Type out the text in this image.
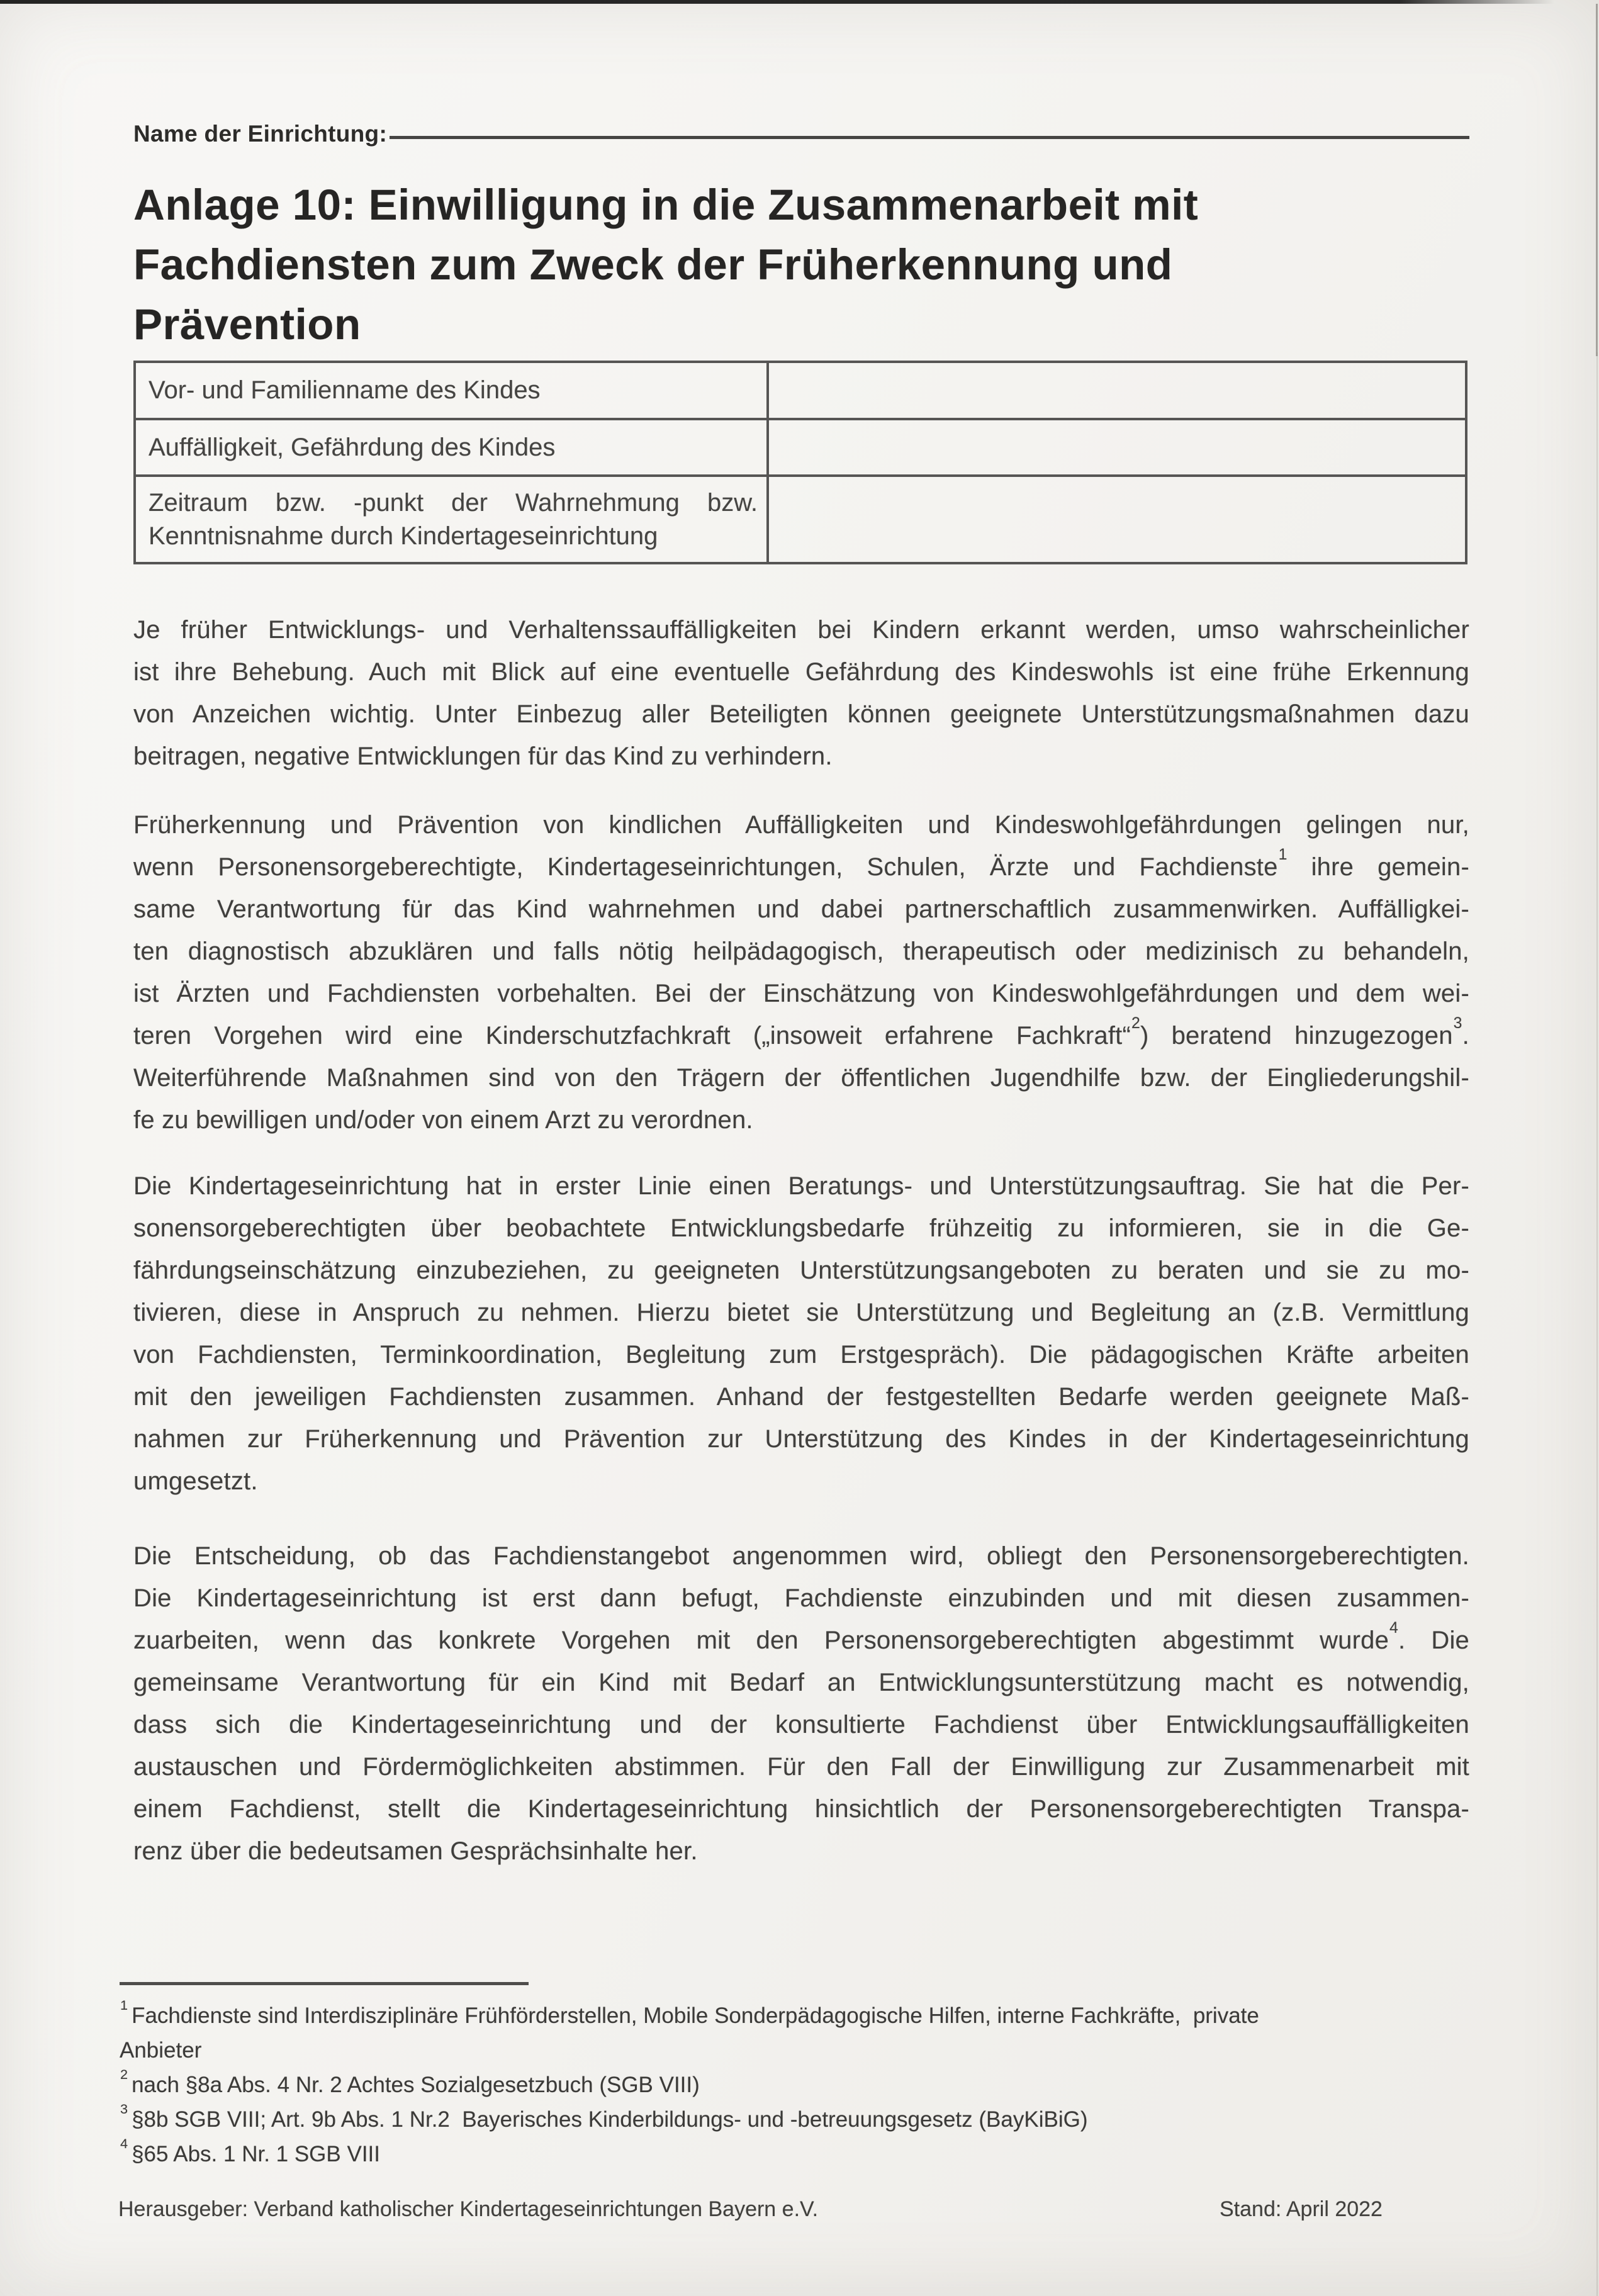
Name der Einrichtung:
Anlage 10: Einwilligung in die Zusammenarbeit mit
Fachdiensten zum Zweck der Früherkennung und
Prävention
Vor- und Familienname des Kindes	
Auffälligkeit, Gefährdung des Kindes	
Zeitraum bzw. -punkt der Wahrnehmung bzw. Kenntnisnahme durch Kindertageseinrichtung	
Je früher Entwicklungs- und Verhaltenssauffälligkeiten bei Kindern erkannt werden, umso wahrscheinlicher
ist ihre Behebung. Auch mit Blick auf eine eventuelle Gefährdung des Kindeswohls ist eine frühe Erkennung
von Anzeichen wichtig. Unter Einbezug aller Beteiligten können geeignete Unterstützungsmaßnahmen dazu
beitragen, negative Entwicklungen für das Kind zu verhindern.
Früherkennung und Prävention von kindlichen Auffälligkeiten und Kindeswohlgefährdungen gelingen nur,
wenn Personensorgeberechtigte, Kindertageseinrichtungen, Schulen, Ärzte und Fachdienste$^1$ ihre gemein-
same Verantwortung für das Kind wahrnehmen und dabei partnerschaftlich zusammenwirken. Auffälligkei-
ten diagnostisch abzuklären und falls nötig heilpädagogisch, therapeutisch oder medizinisch zu behandeln,
ist Ärzten und Fachdiensten vorbehalten. Bei der Einschätzung von Kindeswohlgefährdungen und dem wei-
teren Vorgehen wird eine Kinderschutzfachkraft („insoweit erfahrene Fachkraft“$^2$) beratend hinzugezogen$^3$.
Weiterführende Maßnahmen sind von den Trägern der öffentlichen Jugendhilfe bzw. der Eingliederungshil-
fe zu bewilligen und/oder von einem Arzt zu verordnen.
Die Kindertageseinrichtung hat in erster Linie einen Beratungs- und Unterstützungsauftrag. Sie hat die Per-
sonensorgeberechtigten über beobachtete Entwicklungsbedarfe frühzeitig zu informieren, sie in die Ge-
fährdungseinschätzung einzubeziehen, zu geeigneten Unterstützungsangeboten zu beraten und sie zu mo-
tivieren, diese in Anspruch zu nehmen. Hierzu bietet sie Unterstützung und Begleitung an (z.B. Vermittlung
von Fachdiensten, Terminkoordination, Begleitung zum Erstgespräch). Die pädagogischen Kräfte arbeiten
mit den jeweiligen Fachdiensten zusammen. Anhand der festgestellten Bedarfe werden geeignete Maß-
nahmen zur Früherkennung und Prävention zur Unterstützung des Kindes in der Kindertageseinrichtung
umgesetzt.
Die Entscheidung, ob das Fachdienstangebot angenommen wird, obliegt den Personensorgeberechtigten.
Die Kindertageseinrichtung ist erst dann befugt, Fachdienste einzubinden und mit diesen zusammen-
zuarbeiten, wenn das konkrete Vorgehen mit den Personensorgeberechtigten abgestimmt wurde$^4$. Die
gemeinsame Verantwortung für ein Kind mit Bedarf an Entwicklungsunterstützung macht es notwendig,
dass sich die Kindertageseinrichtung und der konsultierte Fachdienst über Entwicklungsauffälligkeiten
austauschen und Fördermöglichkeiten abstimmen. Für den Fall der Einwilligung zur Zusammenarbeit mit
einem Fachdienst, stellt die Kindertageseinrichtung hinsichtlich der Personensorgeberechtigten Transpa-
renz über die bedeutsamen Gesprächsinhalte her.
$^1$ Fachdienste sind Interdisziplinäre Frühförderstellen, Mobile Sonderpädagogische Hilfen, interne Fachkräfte,  private
Anbieter
$^2$ nach §8a Abs. 4 Nr. 2 Achtes Sozialgesetzbuch (SGB VIII)
$^3$ §8b SGB VIII; Art. 9b Abs. 1 Nr.2  Bayerisches Kinderbildungs- und -betreuungsgesetz (BayKiBiG)
$^4$ §65 Abs. 1 Nr. 1 SGB VIII
Herausgeber: Verband katholischer Kindertageseinrichtungen Bayern e.V.	Stand: April 2022
